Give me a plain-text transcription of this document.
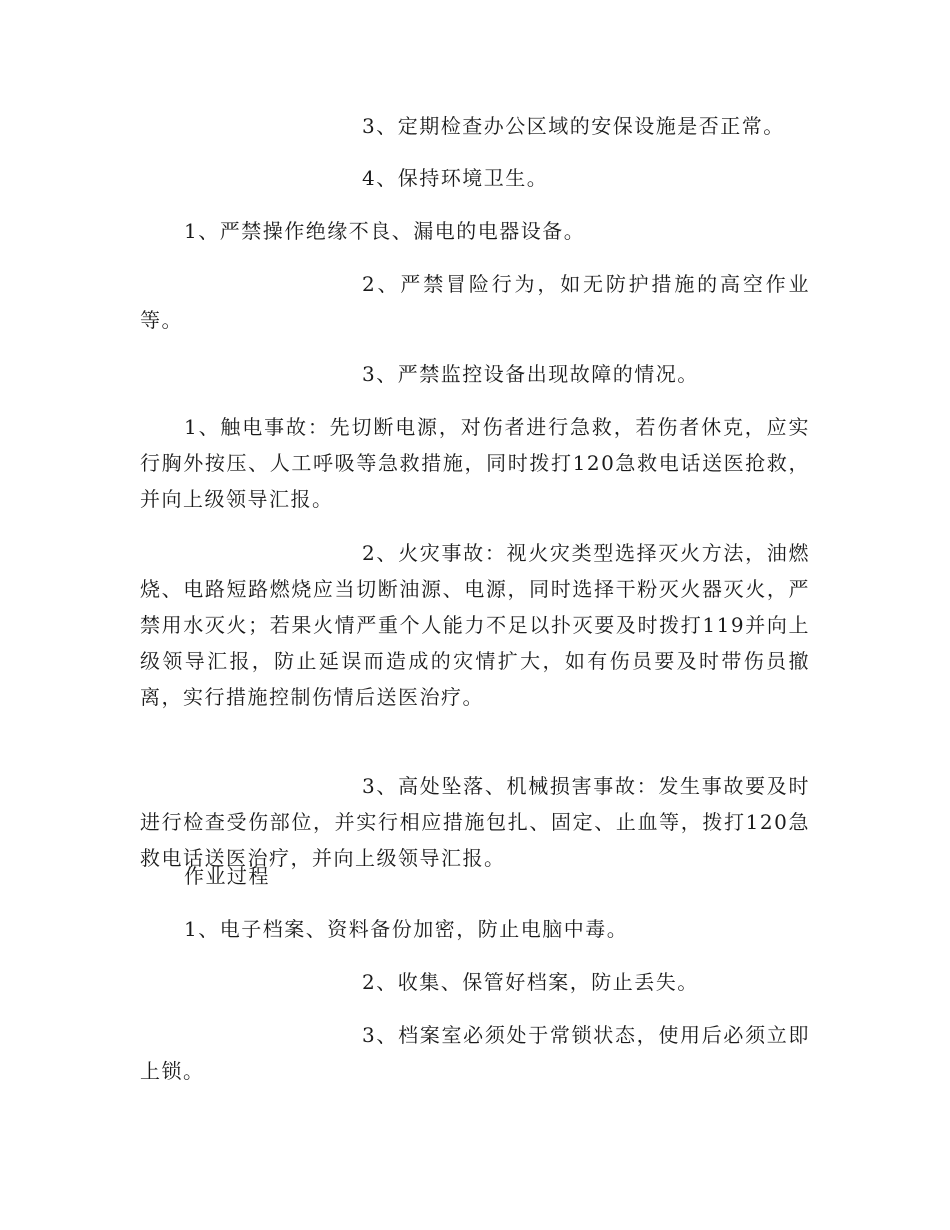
3、定期检查办公区域的安保设施是否正常。

4、保持环境卫生。

1、严禁操作绝缘不良、漏电的电器设备。

2、严禁冒险行为，如无防护措施的高空作业等。

3、严禁监控设备出现故障的情况。

1、触电事故：先切断电源，对伤者进行急救，若伤者休克，应实行胸外按压、人工呼吸等急救措施，同时拨打120急救电话送医抢救，并向上级领导汇报。

2、火灾事故：视火灾类型选择灭火方法，油燃烧、电路短路燃烧应当切断油源、电源，同时选择干粉灭火器灭火，严禁用水灭火；若果火情严重个人能力不足以扑灭要及时拨打119并向上级领导汇报，防止延误而造成的灾情扩大，如有伤员要及时带伤员撤离，实行措施控制伤情后送医治疗。

3、高处坠落、机械损害事故：发生事故要及时进行检查受伤部位，并实行相应措施包扎、固定、止血等，拨打120急救电话送医治疗，并向上级领导汇报。

作业过程

1、电子档案、资料备份加密，防止电脑中毒。

2、收集、保管好档案，防止丢失。

3、档案室必须处于常锁状态，使用后必须立即上锁。
